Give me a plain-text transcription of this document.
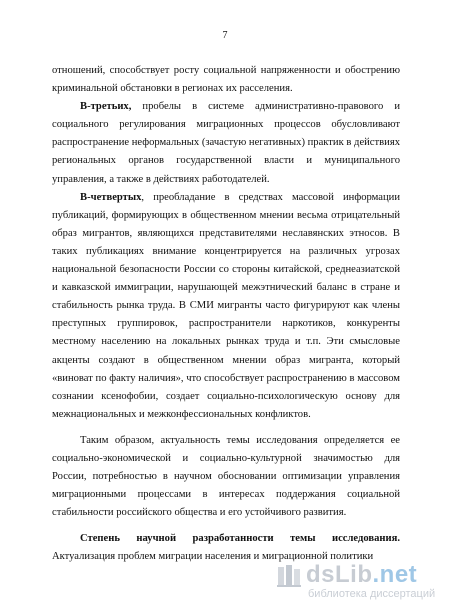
7

отношений, способствует росту социальной напряженности и обострению криминальной обстановки в регионах их расселения.

В-третьих, пробелы в системе административно-правового и социального регулирования миграционных процессов обусловливают распространение неформальных (зачастую негативных) практик в действиях региональных органов государственной власти и муниципального управления, а также в действиях работодателей.

В-четвертых, преобладание в средствах массовой информации публикаций, формирующих в общественном мнении весьма отрицательный образ мигрантов, являющихся представителями неславянских этносов. В таких публикациях внимание концентрируется на различных угрозах национальной безопасности России со стороны китайской, среднеазиатской и кавказской иммиграции, нарушающей межэтнический баланс в стране и стабильность рынка труда. В СМИ мигранты часто фигурируют как члены преступных группировок, распространители наркотиков, конкуренты местному населению на локальных рынках труда и т.п. Эти смысловые акценты создают в общественном мнении образ мигранта, который «виноват по факту наличия», что способствует распространению в массовом сознании ксенофобии, создает социально-психологическую основу для межнациональных и межконфессиональных конфликтов.

Таким образом, актуальность темы исследования определяется ее социально-экономической и социально-культурной значимостью для России, потребностью в научном обосновании оптимизации управления миграционными процессами в интересах поддержания социальной стабильности российского общества и его устойчивого развития.

Степень научной разработанности темы исследования. Актуализация проблем миграции населения и миграционной политики

dsLib.net
библиотека диссертаций
